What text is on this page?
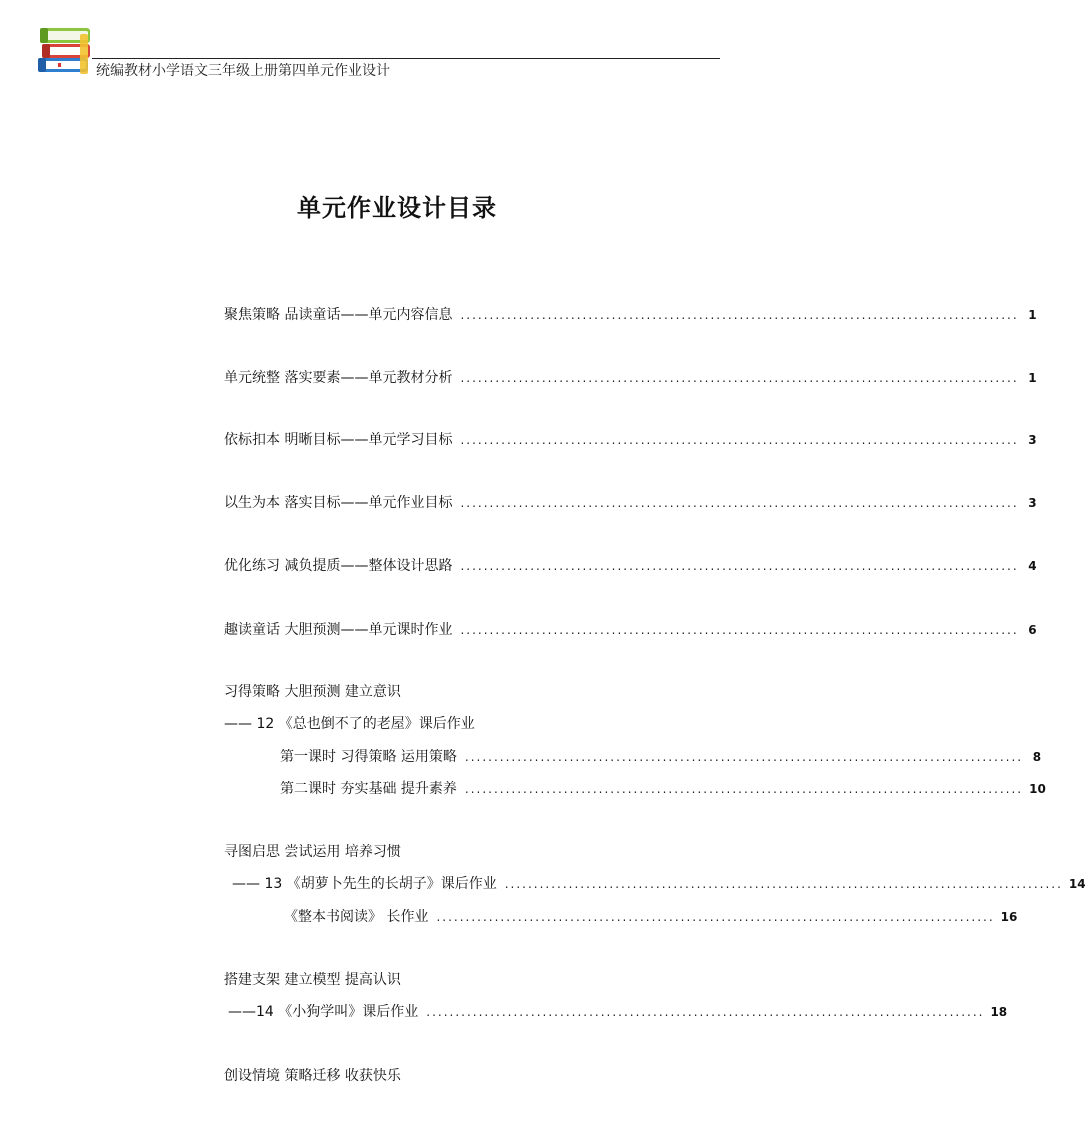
统编教材小学语文三年级上册第四单元作业设计
单元作业设计目录
聚焦策略 品读童话——单元内容信息 ................................................................................................ 1
单元统整 落实要素——单元教材分析 ................................................................................................ 1
依标扣本 明晰目标——单元学习目标 ................................................................................................ 3
以生为本 落实目标——单元作业目标 ................................................................................................ 3
优化练习 减负提质——整体设计思路 ................................................................................................ 4
趣读童话 大胆预测——单元课时作业 ................................................................................................ 6
习得策略 大胆预测 建立意识
—— 12 《总也倒不了的老屋》课后作业
第一课时 习得策略 运用策略 ................................................................................................ 8
第二课时 夯实基础 提升素养 ................................................................................................ 10
寻图启思 尝试运用 培养习惯
—— 13 《胡萝卜先生的长胡子》课后作业 ................................................................................................ 14
《整本书阅读》 长作业 ................................................................................................ 16
搭建支架 建立模型 提高认识
——14 《小狗学叫》课后作业 ................................................................................................ 18
创设情境 策略迁移 收获快乐
